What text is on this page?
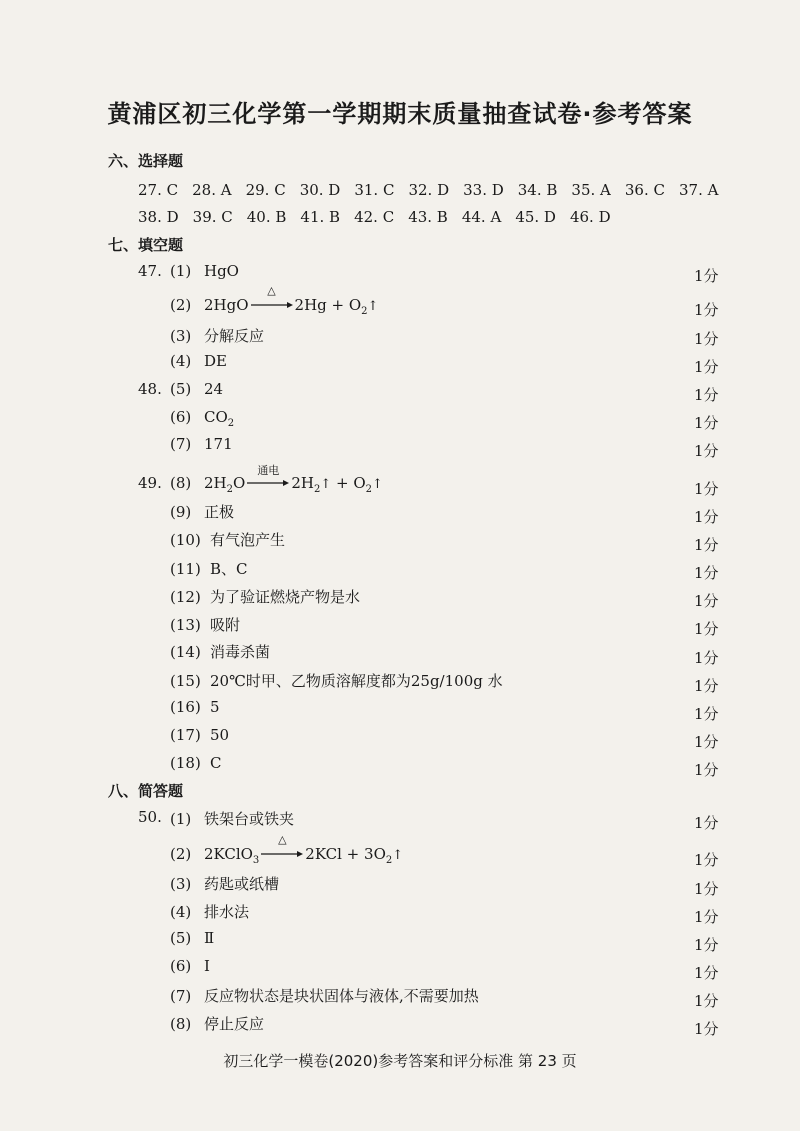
黄浦区初三化学第一学期期末质量抽查试卷·参考答案
六、选择题
27. C 28. A 29. C 30. D 31. C 32. D 33. D 34. B 35. A 36. C 37. A
38. D 39. C 40. B 41. B 42. C 43. B 44. A 45. D 46. D
七、填空题
47. (1) HgO	1分
(2) 2HgO
△
$2Hg + O_2↑$	1分
(3) 分解反应	1分
(4) DE	1分
48. (5) 24	1分
(6) $CO_2$	1分
(7) 171	1分
49. (8) $2H_2O$
通电
$2H_2↑$ + $O_2↑$	1分
(9) 正极	1分
(10) 有气泡产生	1分
(11) B、C	1分
(12) 为了验证燃烧产物是水	1分
(13) 吸附	1分
(14) 消毒杀菌	1分
(15) 20℃时甲、乙物质溶解度都为25g/100g 水	1分
(16) 5	1分
(17) 50	1分
(18) C	1分
八、简答题
50. (1) 铁架台或铁夹	1分
(2) 2KClO$_3$
△
$2KCl + 3O_2↑$	1分
(3) 药匙或纸槽	1分
(4) 排水法	1分
(5) Ⅱ	1分
(6) Ⅰ	1分
(7) 反应物状态是块状固体与液体,不需要加热	1分
(8) 停止反应	1分
初三化学一模卷(2020)参考答案和评分标准 第 23 页
